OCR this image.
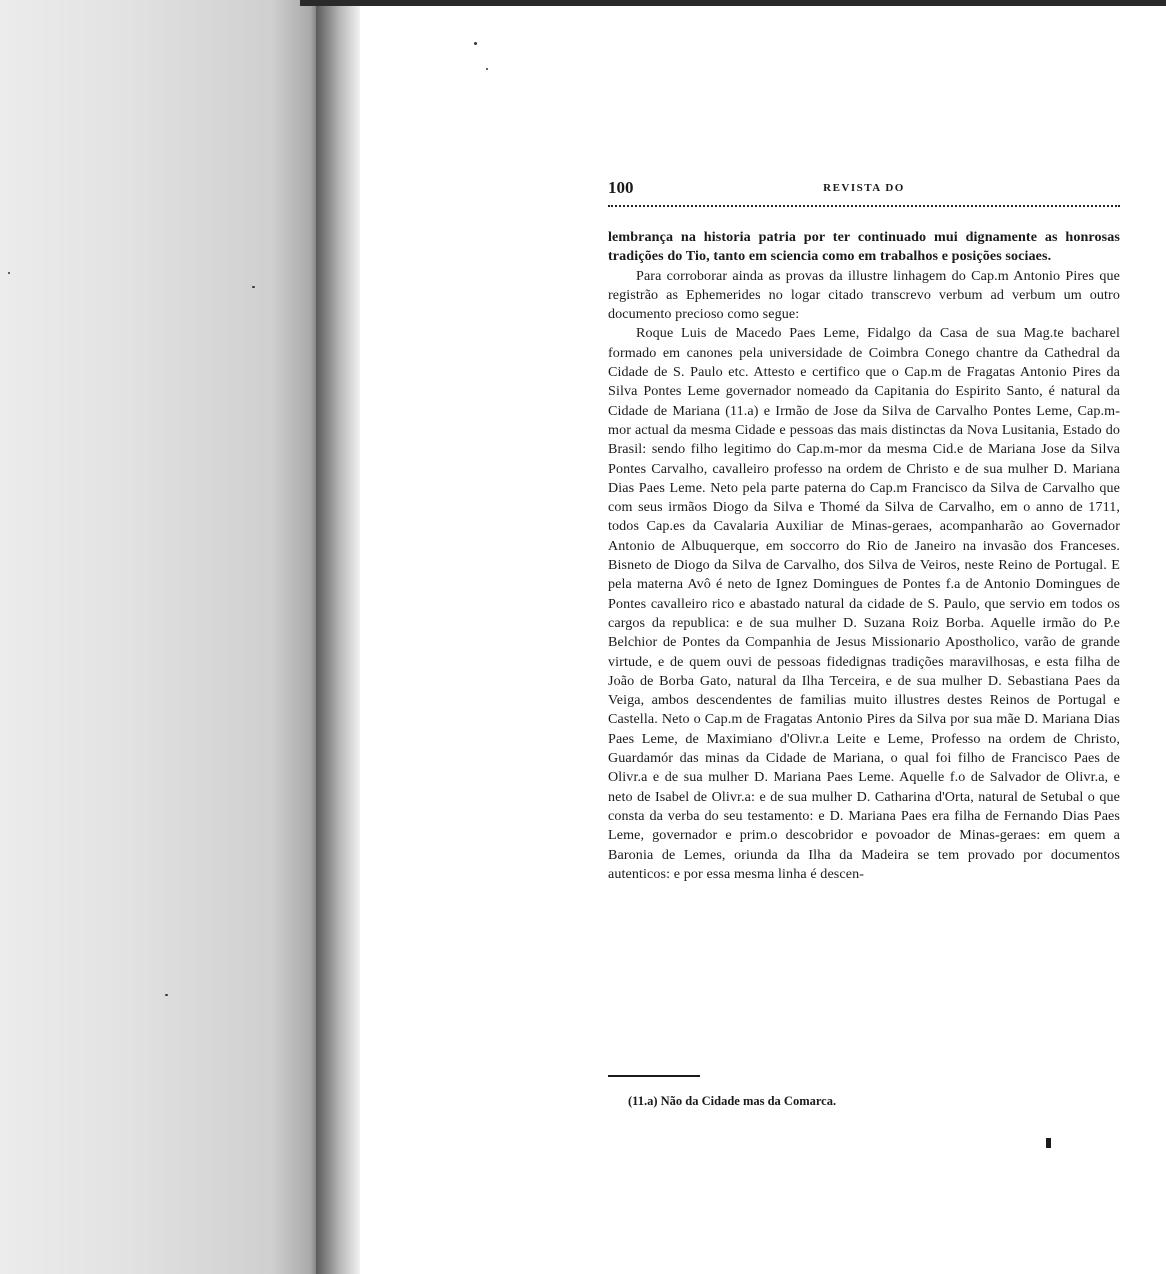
100	REVISTA DO

lembrança na historia patria por ter continuado mui dignamente as honrosas tradições do Tio, tanto em sciencia como em trabalhos e posições sociaes.

Para corroborar ainda as provas da illustre linhagem do Cap.m Antonio Pires que registrão as Ephemerides no logar citado transcrevo verbum ad verbum um outro documento precioso como segue:

Roque Luis de Macedo Paes Leme, Fidalgo da Casa de sua Mag.te bacharel formado em canones pela universidade de Coimbra Conego chantre da Cathedral da Cidade de S. Paulo etc. Attesto e certifico que o Cap.m de Fragatas Antonio Pires da Silva Pontes Leme governador nomeado da Capitania do Espirito Santo, é natural da Cidade de Mariana (11.a) e Irmão de Jose da Silva de Carvalho Pontes Leme, Cap.m-mor actual da mesma Cidade e pessoas das mais distinctas da Nova Lusitania, Estado do Brasil: sendo filho legitimo do Cap.m-mor da mesma Cid.e de Mariana Jose da Silva Pontes Carvalho, cavalleiro professo na ordem de Christo e de sua mulher D. Mariana Dias Paes Leme. Neto pela parte paterna do Cap.m Francisco da Silva de Carvalho que com seus irmãos Diogo da Silva e Thomé da Silva de Carvalho, em o anno de 1711, todos Cap.es da Cavalaria Auxiliar de Minas-geraes, acompanharão ao Governador Antonio de Albuquerque, em soccorro do Rio de Janeiro na invasão dos Franceses. Bisneto de Diogo da Silva de Carvalho, dos Silva de Veiros, neste Reino de Portugal. E pela materna Avô é neto de Ignez Domingues de Pontes f.a de Antonio Domingues de Pontes cavalleiro rico e abastado natural da cidade de S. Paulo, que servio em todos os cargos da republica: e de sua mulher D. Suzana Roiz Borba. Aquelle irmão do P.e Belchior de Pontes da Companhia de Jesus Missionario Apostholico, varão de grande virtude, e de quem ouvi de pessoas fidedignas tradições maravilhosas, e esta filha de João de Borba Gato, natural da Ilha Terceira, e de sua mulher D. Sebastiana Paes da Veiga, ambos descendentes de familias muito illustres destes Reinos de Portugal e Castella. Neto o Cap.m de Fragatas Antonio Pires da Silva por sua mãe D. Mariana Dias Paes Leme, de Maximiano d'Olivr.a Leite e Leme, Professo na ordem de Christo, Guardamór das minas da Cidade de Mariana, o qual foi filho de Francisco Paes de Olivr.a e de sua mulher D. Mariana Paes Leme. Aquelle f.o de Salvador de Olivr.a, e neto de Isabel de Olivr.a: e de sua mulher D. Catharina d'Orta, natural de Setubal o que consta da verba do seu testamento: e D. Mariana Paes era filha de Fernando Dias Paes Leme, governador e prim.o descobridor e povoador de Minas-geraes: em quem a Baronia de Lemes, oriunda da Ilha da Madeira se tem provado por documentos autenticos: e por essa mesma linha é descen-

(11.a) Não da Cidade mas da Comarca.
